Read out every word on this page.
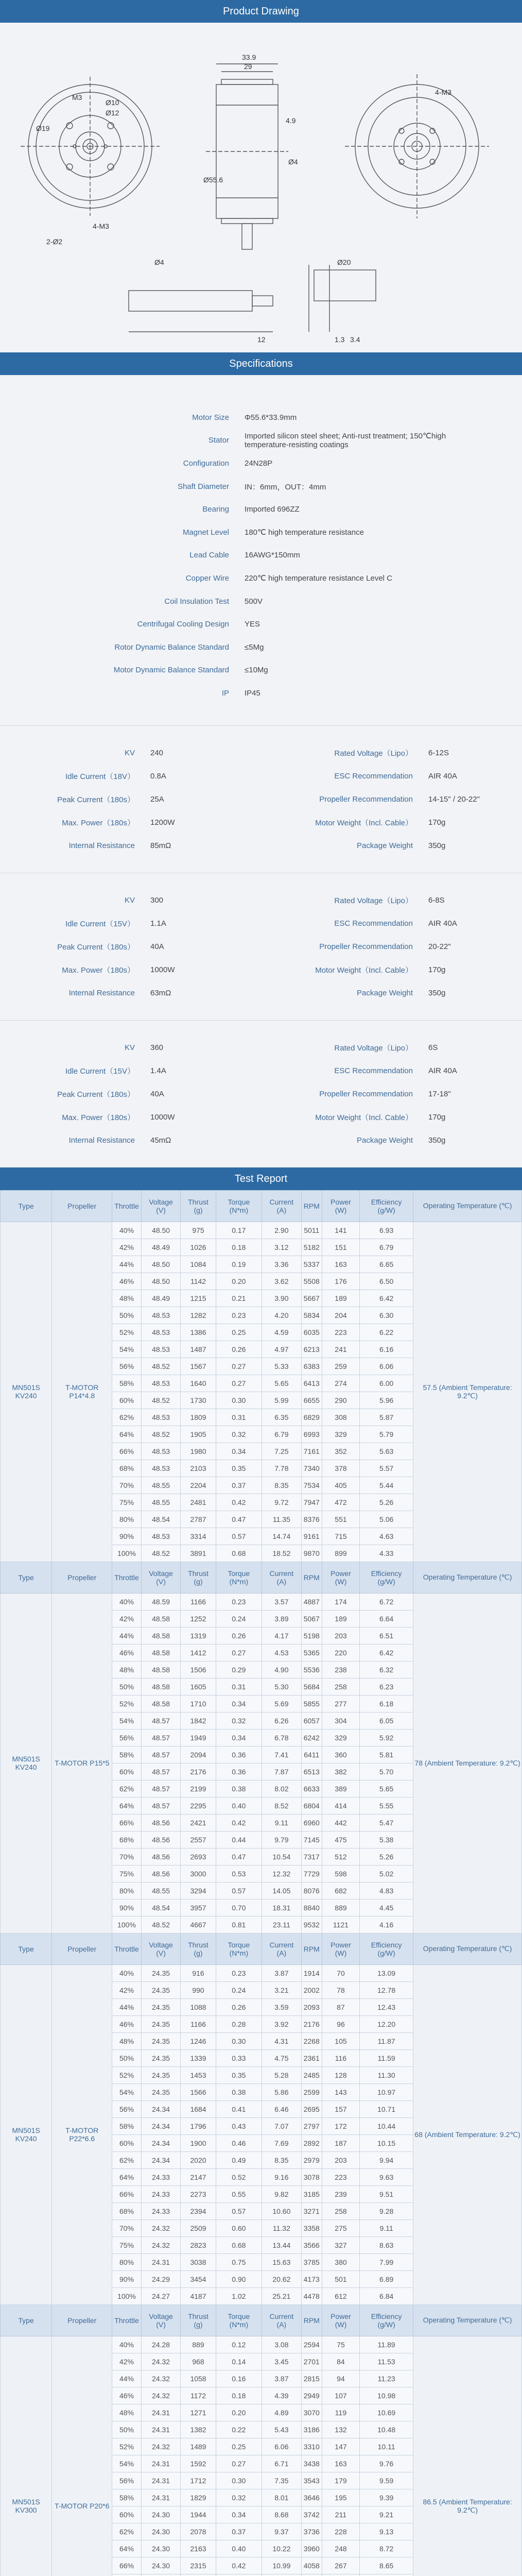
Product Drawing
33.9
29
4.9
Ø55.6
Ø12
Ø10
Ø19
M3
Ø4
Ø4	Ø20
12	1.3 3.4
4-M3
4-M3
2-Ø2
Specifications
Motor Size	Φ55.6*33.9mm
Stator	Imported silicon steel sheet; Anti-rust treatment; 150℃high temperature-resisting coatings
Configuration	24N28P
Shaft Diameter	IN：6mm，OUT：4mm
Bearing	Imported 696ZZ
Magnet Level	180℃ high temperature resistance
Lead Cable	16AWG*150mm
Copper Wire	220℃ high temperature resistance Level C
Coil Insulation Test	500V
Centrifugal Cooling Design	YES
Rotor Dynamic Balance Standard	≤5Mg
Motor Dynamic Balance Standard	≤10Mg
IP	IP45
KV	240	Rated Voltage（Lipo）	6-12S
Idle Current（18V）	0.8A	ESC Recommendation	AIR 40A
Peak Current（180s）	25A	Propeller Recommendation	14-15" / 20-22"
Max. Power（180s）	1200W	Motor Weight（Incl. Cable）	170g
Internal Resistance	85mΩ	Package Weight	350g
KV	300	Rated Voltage（Lipo）	6-8S
Idle Current（15V）	1.1A	ESC Recommendation	AIR 40A
Peak Current（180s）	40A	Propeller Recommendation	20-22"
Max. Power（180s）	1000W	Motor Weight（Incl. Cable）	170g
Internal Resistance	63mΩ	Package Weight	350g
KV	360	Rated Voltage（Lipo）	6S
Idle Current（15V）	1.4A	ESC Recommendation	AIR 40A
Peak Current（180s）	40A	Propeller Recommendation	17-18"
Max. Power（180s）	1000W	Motor Weight（Incl. Cable）	170g
Internal Resistance	45mΩ	Package Weight	350g
Test Report
Type	Propeller	Throttle	Voltage (V)	Thrust (g)	Torque (N*m)	Current (A)	RPM	Power (W)	Efficiency (g/W)	Operating Temperature (℃)
MN501S KV240	T-MOTOR P14*4.8	40%	48.50	975	0.17	2.90	5011	141	6.93	57.5 (Ambient Temperature: 9.2℃)
		42%	48.49	1026	0.18	3.12	5182	151	6.79	
		44%	48.50	1084	0.19	3.36	5337	163	6.65	
		46%	48.50	1142	0.20	3.62	5508	176	6.50	
		48%	48.49	1215	0.21	3.90	5667	189	6.42	
		50%	48.53	1282	0.23	4.20	5834	204	6.30	
		52%	48.53	1386	0.25	4.59	6035	223	6.22	
		54%	48.53	1487	0.26	4.97	6213	241	6.16	
		56%	48.52	1567	0.27	5.33	6383	259	6.06	
		58%	48.53	1640	0.27	5.65	6413	274	6.00	
		60%	48.52	1730	0.30	5.99	6655	290	5.96	
		62%	48.53	1809	0.31	6.35	6829	308	5.87	
		64%	48.52	1905	0.32	6.79	6993	329	5.79	
		66%	48.53	1980	0.34	7.25	7161	352	5.63	
		68%	48.53	2103	0.35	7.78	7340	378	5.57	
		70%	48.55	2204	0.37	8.35	7534	405	5.44	
		75%	48.55	2481	0.42	9.72	7947	472	5.26	
		80%	48.54	2787	0.47	11.35	8376	551	5.06	
		90%	48.53	3314	0.57	14.74	9161	715	4.63	
		100%	48.52	3891	0.68	18.52	9870	899	4.33	
Type	Propeller	Throttle	Voltage (V)	Thrust (g)	Torque (N*m)	Current (A)	RPM	Power (W)	Efficiency (g/W)	Operating Temperature (℃)
MN501S KV240	T-MOTOR P15*5	40%	48.59	1166	0.23	3.57	4887	174	6.72	78 (Ambient Temperature: 9.2℃)
		42%	48.58	1252	0.24	3.89	5067	189	6.64	
		44%	48.58	1319	0.26	4.17	5198	203	6.51	
		46%	48.58	1412	0.27	4.53	5365	220	6.42	
		48%	48.58	1506	0.29	4.90	5536	238	6.32	
		50%	48.58	1605	0.31	5.30	5684	258	6.23	
		52%	48.58	1710	0.34	5.69	5855	277	6.18	
		54%	48.57	1842	0.32	6.26	6057	304	6.05	
		56%	48.57	1949	0.34	6.78	6242	329	5.92	
		58%	48.57	2094	0.36	7.41	6411	360	5.81	
		60%	48.57	2176	0.36	7.87	6513	382	5.70	
		62%	48.57	2199	0.38	8.02	6633	389	5.65	
		64%	48.57	2295	0.40	8.52	6804	414	5.55	
		66%	48.56	2421	0.42	9.11	6960	442	5.47	
		68%	48.56	2557	0.44	9.79	7145	475	5.38	
		70%	48.56	2693	0.47	10.54	7317	512	5.26	
		75%	48.56	3000	0.53	12.32	7729	598	5.02	
		80%	48.55	3294	0.57	14.05	8076	682	4.83	
		90%	48.54	3957	0.70	18.31	8840	889	4.45	
		100%	48.52	4667	0.81	23.11	9532	1121	4.16	
Type	Propeller	Throttle	Voltage (V)	Thrust (g)	Torque (N*m)	Current (A)	RPM	Power (W)	Efficiency (g/W)	Operating Temperature (℃)
MN501S KV240	T-MOTOR P22*6.6	40%	24.35	916	0.23	3.87	1914	70	13.09	68 (Ambient Temperature: 9.2℃)
		42%	24.35	990	0.24	3.21	2002	78	12.78	
		44%	24.35	1088	0.26	3.59	2093	87	12.43	
		46%	24.35	1166	0.28	3.92	2176	96	12.20	
		48%	24.35	1246	0.30	4.31	2268	105	11.87	
		50%	24.35	1339	0.33	4.75	2361	116	11.59	
		52%	24.35	1453	0.35	5.28	2485	128	11.30	
		54%	24.35	1566	0.38	5.86	2599	143	10.97	
		56%	24.34	1684	0.41	6.46	2695	157	10.71	
		58%	24.34	1796	0.43	7.07	2797	172	10.44	
		60%	24.34	1900	0.46	7.69	2892	187	10.15	
		62%	24.34	2020	0.49	8.35	2979	203	9.94	
		64%	24.33	2147	0.52	9.16	3078	223	9.63	
		66%	24.33	2273	0.55	9.82	3185	239	9.51	
		68%	24.33	2394	0.57	10.60	3271	258	9.28	
		70%	24.32	2509	0.60	11.32	3358	275	9.11	
		75%	24.32	2823	0.68	13.44	3566	327	8.63	
		80%	24.31	3038	0.75	15.63	3785	380	7.99	
		90%	24.29	3454	0.90	20.62	4173	501	6.89	
		100%	24.27	4187	1.02	25.21	4478	612	6.84	
Type	Propeller	Throttle	Voltage (V)	Thrust (g)	Torque (N*m)	Current (A)	RPM	Power (W)	Efficiency (g/W)	Operating Temperature (℃)
MN501S KV300	T-MOTOR P20*6	40%	24.28	889	0.12	3.08	2594	75	11.89	86.5 (Ambient Temperature: 9.2℃)
		42%	24.32	968	0.14	3.45	2701	84	11.53	
		44%	24.32	1058	0.16	3.87	2815	94	11.23	
		46%	24.32	1172	0.18	4.39	2949	107	10.98	
		48%	24.31	1271	0.20	4.89	3070	119	10.69	
		50%	24.31	1382	0.22	5.43	3186	132	10.48	
		52%	24.32	1489	0.25	6.06	3310	147	10.11	
		54%	24.31	1592	0.27	6.71	3438	163	9.76	
		56%	24.31	1712	0.30	7.35	3543	179	9.59	
		58%	24.31	1829	0.32	8.01	3646	195	9.39	
		60%	24.30	1944	0.34	8.68	3742	211	9.21	
		62%	24.30	2078	0.37	9.37	3736	228	9.13	
		64%	24.30	2163	0.40	10.22	3960	248	8.72	
		66%	24.30	2315	0.42	10.99	4058	267	8.65	
